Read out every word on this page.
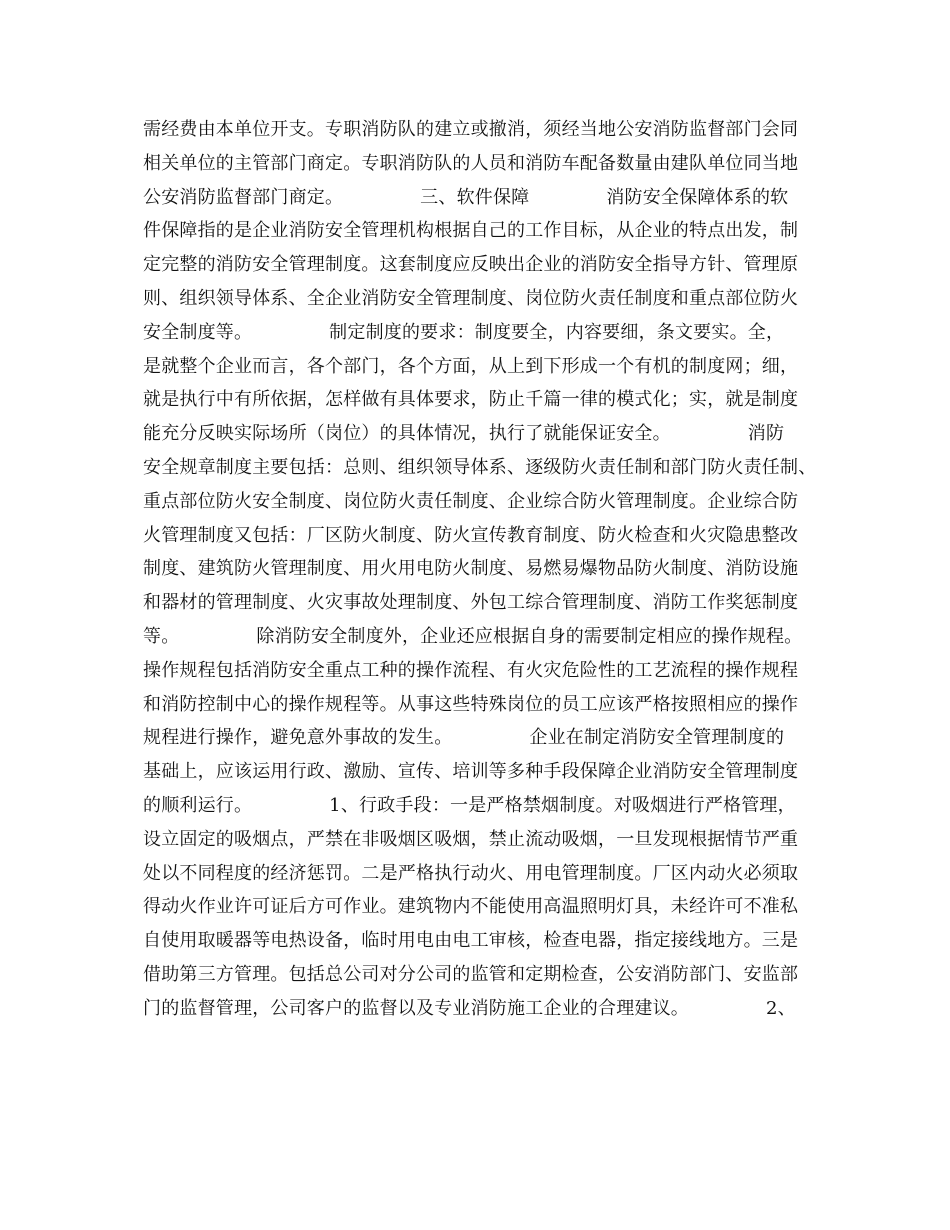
需经费由本单位开支。专职消防队的建立或撤消，须经当地公安消防监督部门会同
相关单位的主管部门商定。专职消防队的人员和消防车配备数量由建队单位同当地
公安消防监督部门商定。             三、软件保障             消防安全保障体系的软
件保障指的是企业消防安全管理机构根据自己的工作目标，从企业的特点出发，制
定完整的消防安全管理制度。这套制度应反映出企业的消防安全指导方针、管理原
则、组织领导体系、全企业消防安全管理制度、岗位防火责任制度和重点部位防火
安全制度等。             制定制度的要求：制度要全，内容要细，条文要实。全，
是就整个企业而言，各个部门，各个方面，从上到下形成一个有机的制度网；细，
就是执行中有所依据，怎样做有具体要求，防止千篇一律的模式化；实，就是制度
能充分反映实际场所（岗位）的具体情况，执行了就能保证安全。             消防
安全规章制度主要包括：总则、组织领导体系、逐级防火责任制和部门防火责任制、
重点部位防火安全制度、岗位防火责任制度、企业综合防火管理制度。企业综合防
火管理制度又包括：厂区防火制度、防火宣传教育制度、防火检查和火灾隐患整改
制度、建筑防火管理制度、用火用电防火制度、易燃易爆物品防火制度、消防设施
和器材的管理制度、火灾事故处理制度、外包工综合管理制度、消防工作奖惩制度
等。             除消防安全制度外，企业还应根据自身的需要制定相应的操作规程。
操作规程包括消防安全重点工种的操作流程、有火灾危险性的工艺流程的操作规程
和消防控制中心的操作规程等。从事这些特殊岗位的员工应该严格按照相应的操作
规程进行操作，避免意外事故的发生。             企业在制定消防安全管理制度的
基础上，应该运用行政、激励、宣传、培训等多种手段保障企业消防安全管理制度
的顺利运行。             1、行政手段：一是严格禁烟制度。对吸烟进行严格管理，
设立固定的吸烟点，严禁在非吸烟区吸烟，禁止流动吸烟，一旦发现根据情节严重
处以不同程度的经济惩罚。二是严格执行动火、用电管理制度。厂区内动火必须取
得动火作业许可证后方可作业。建筑物内不能使用高温照明灯具，未经许可不准私
自使用取暖器等电热设备，临时用电由电工审核，检查电器，指定接线地方。三是
借助第三方管理。包括总公司对分公司的监管和定期检查，公安消防部门、安监部
门的监督管理，公司客户的监督以及专业消防施工企业的合理建议。             2、
